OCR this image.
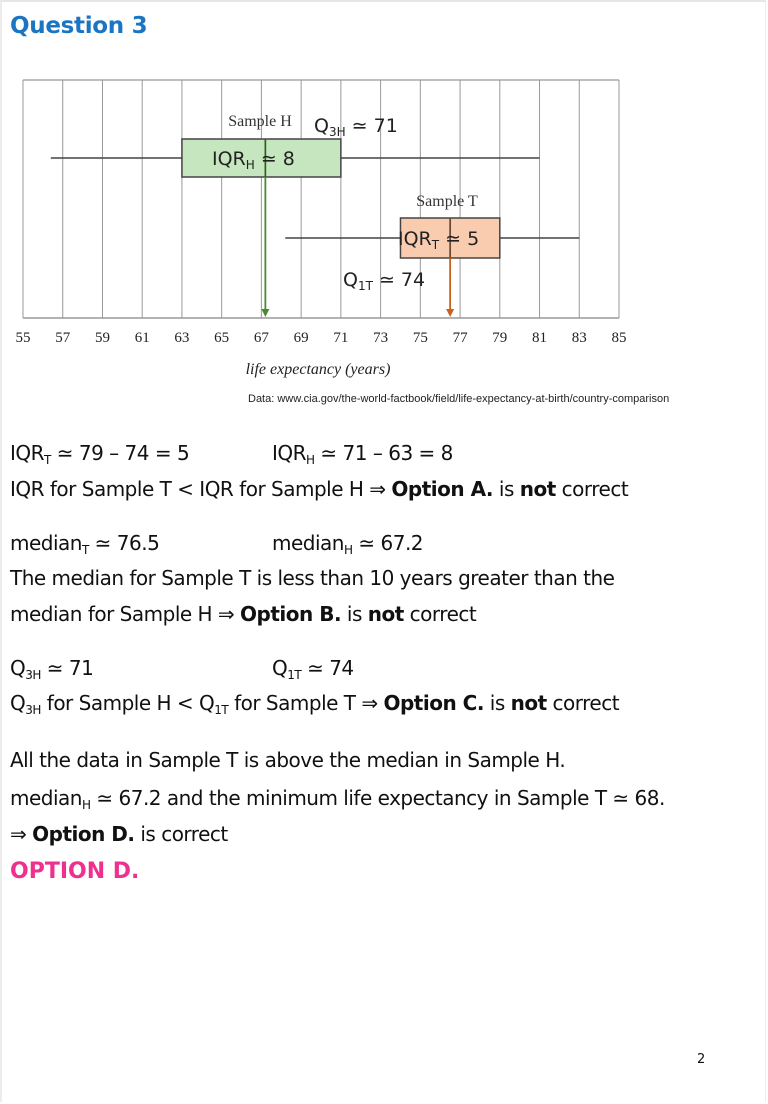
Question 3
55 57 59 61 63 65 67 69 71 73 75 77 79 81 83 85
Sample H
$IQR_H$ ≃ 8
$Q_{3H}$ ≃ 71
Sample T
$IQR_T$ ≃ 5
$Q_{1T}$ ≃ 74
life expectancy (years)
Data: www.cia.gov/the-world-factbook/field/life-expectancy-at-birth/country-comparison
$IQR_T$ ≃ 79 – 74 = 5	$IQR_H$ ≃ 71 – 63 = 8
IQR for Sample T < IQR for Sample H ⇒ Option A. is not correct
median$_T$ ≃ 76.5	median$_H$ ≃ 67.2
The median for Sample T is less than 10 years greater than the
median for Sample H ⇒ Option B. is not correct
$Q_{3H}$ ≃ 71	$Q_{1T}$ ≃ 74
$Q_{3H}$ for Sample $H < Q_{1T}$ for Sample T ⇒ Option C. is not correct
All the data in Sample T is above the median in Sample H.
median$_H$ ≃ 67.2 and the minimum life expectancy in Sample T ≃ 68.
⇒ Option D. is correct
OPTION D.
2
